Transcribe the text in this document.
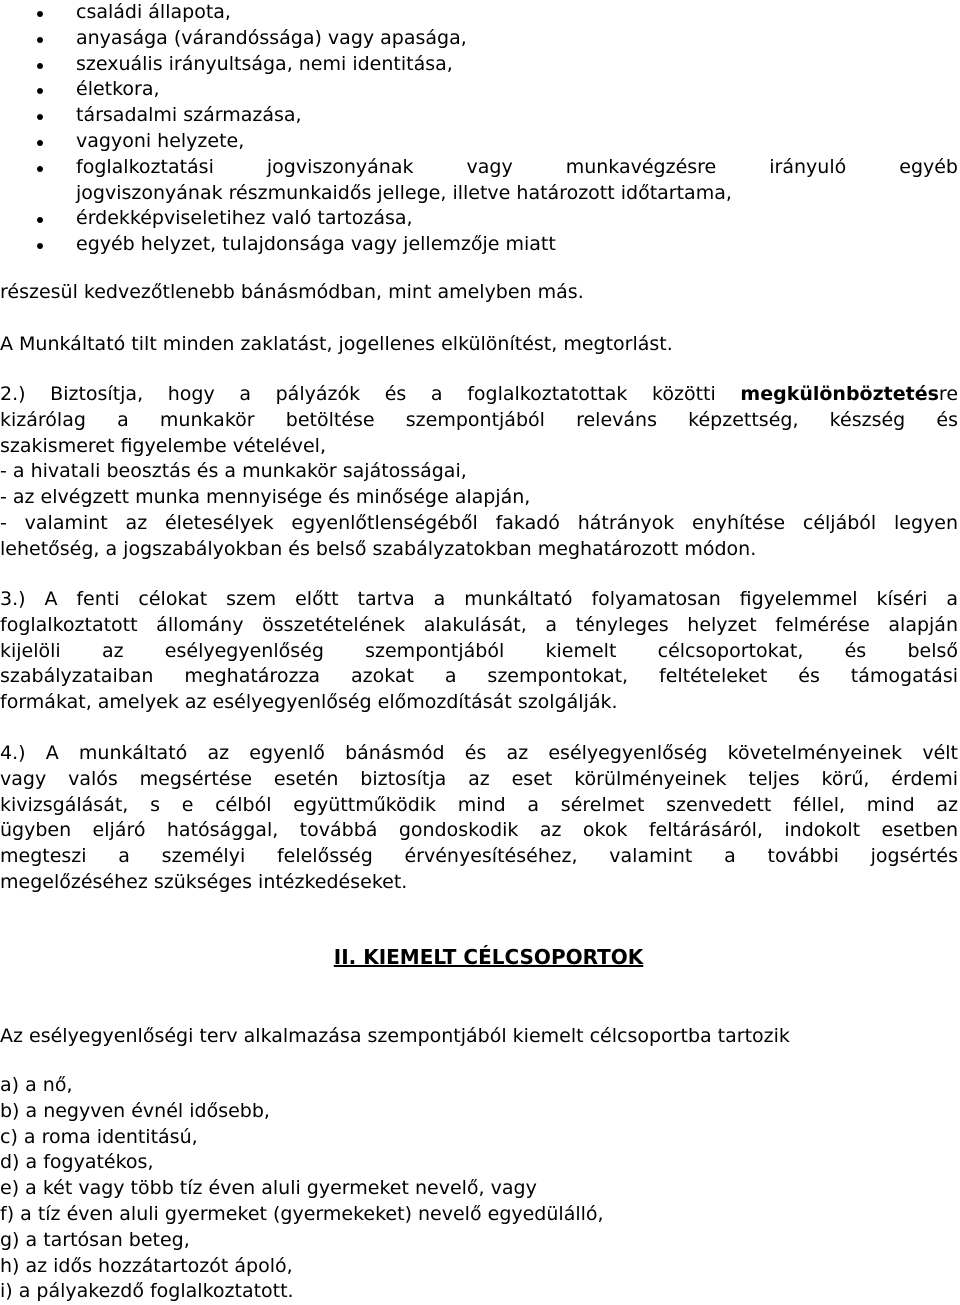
családi állapota,
anyasága (várandóssága) vagy apasága,
szexuális irányultsága, nemi identitása,
életkora,
társadalmi származása,
vagyoni helyzete,
foglalkoztatási jogviszonyának vagy munkavégzésre irányuló egyéb
jogviszonyának részmunkaidős jellege, illetve határozott időtartama,
érdekképviseletihez való tartozása,
egyéb helyzet, tulajdonsága vagy jellemzője miatt

részesül kedvezőtlenebb bánásmódban, mint amelyben más.

A Munkáltató tilt minden zaklatást, jogellenes elkülönítést, megtorlást.

2.) Biztosítja, hogy a pályázók és a foglalkoztatottak közötti megkülönböztetésre
kizárólag a munkakör betöltése szempontjából releváns képzettség, készség és
szakismeret figyelembe vételével,
- a hivatali beosztás és a munkakör sajátosságai,
- az elvégzett munka mennyisége és minősége alapján,
- valamint az életesélyek egyenlőtlenségéből fakadó hátrányok enyhítése céljából legyen
lehetőség, a jogszabályokban és belső szabályzatokban meghatározott módon.
3.) A fenti célokat szem előtt tartva a munkáltató folyamatosan figyelemmel kíséri a
foglalkoztatott állomány összetételének alakulását, a tényleges helyzet felmérése alapján
kijelöli az esélyegyenlőség szempontjából kiemelt célcsoportokat, és belső
szabályzataiban meghatározza azokat a szempontokat, feltételeket és támogatási
formákat, amelyek az esélyegyenlőség előmozdítását szolgálják.
4.) A munkáltató az egyenlő bánásmód és az esélyegyenlőség követelményeinek vélt
vagy valós megsértése esetén biztosítja az eset körülményeinek teljes körű, érdemi
kivizsgálását, s e célból együttműködik mind a sérelmet szenvedett féllel, mind az
ügyben eljáró hatósággal, továbbá gondoskodik az okok feltárásáról, indokolt esetben
megteszi a személyi felelősség érvényesítéséhez, valamint a további jogsértés
megelőzéséhez szükséges intézkedéseket.
II. KIEMELT CÉLCSOPORTOK

Az esélyegyenlőségi terv alkalmazása szempontjából kiemelt célcsoportba tartozik

a) a nő,
b) a negyven évnél idősebb,
c) a roma identitású,
d) a fogyatékos,
e) a két vagy több tíz éven aluli gyermeket nevelő, vagy
f) a tíz éven aluli gyermeket (gyermekeket) nevelő egyedülálló,
g) a tartósan beteg,
h) az idős hozzátartozót ápoló,
i) a pályakezdő foglalkoztatott.
